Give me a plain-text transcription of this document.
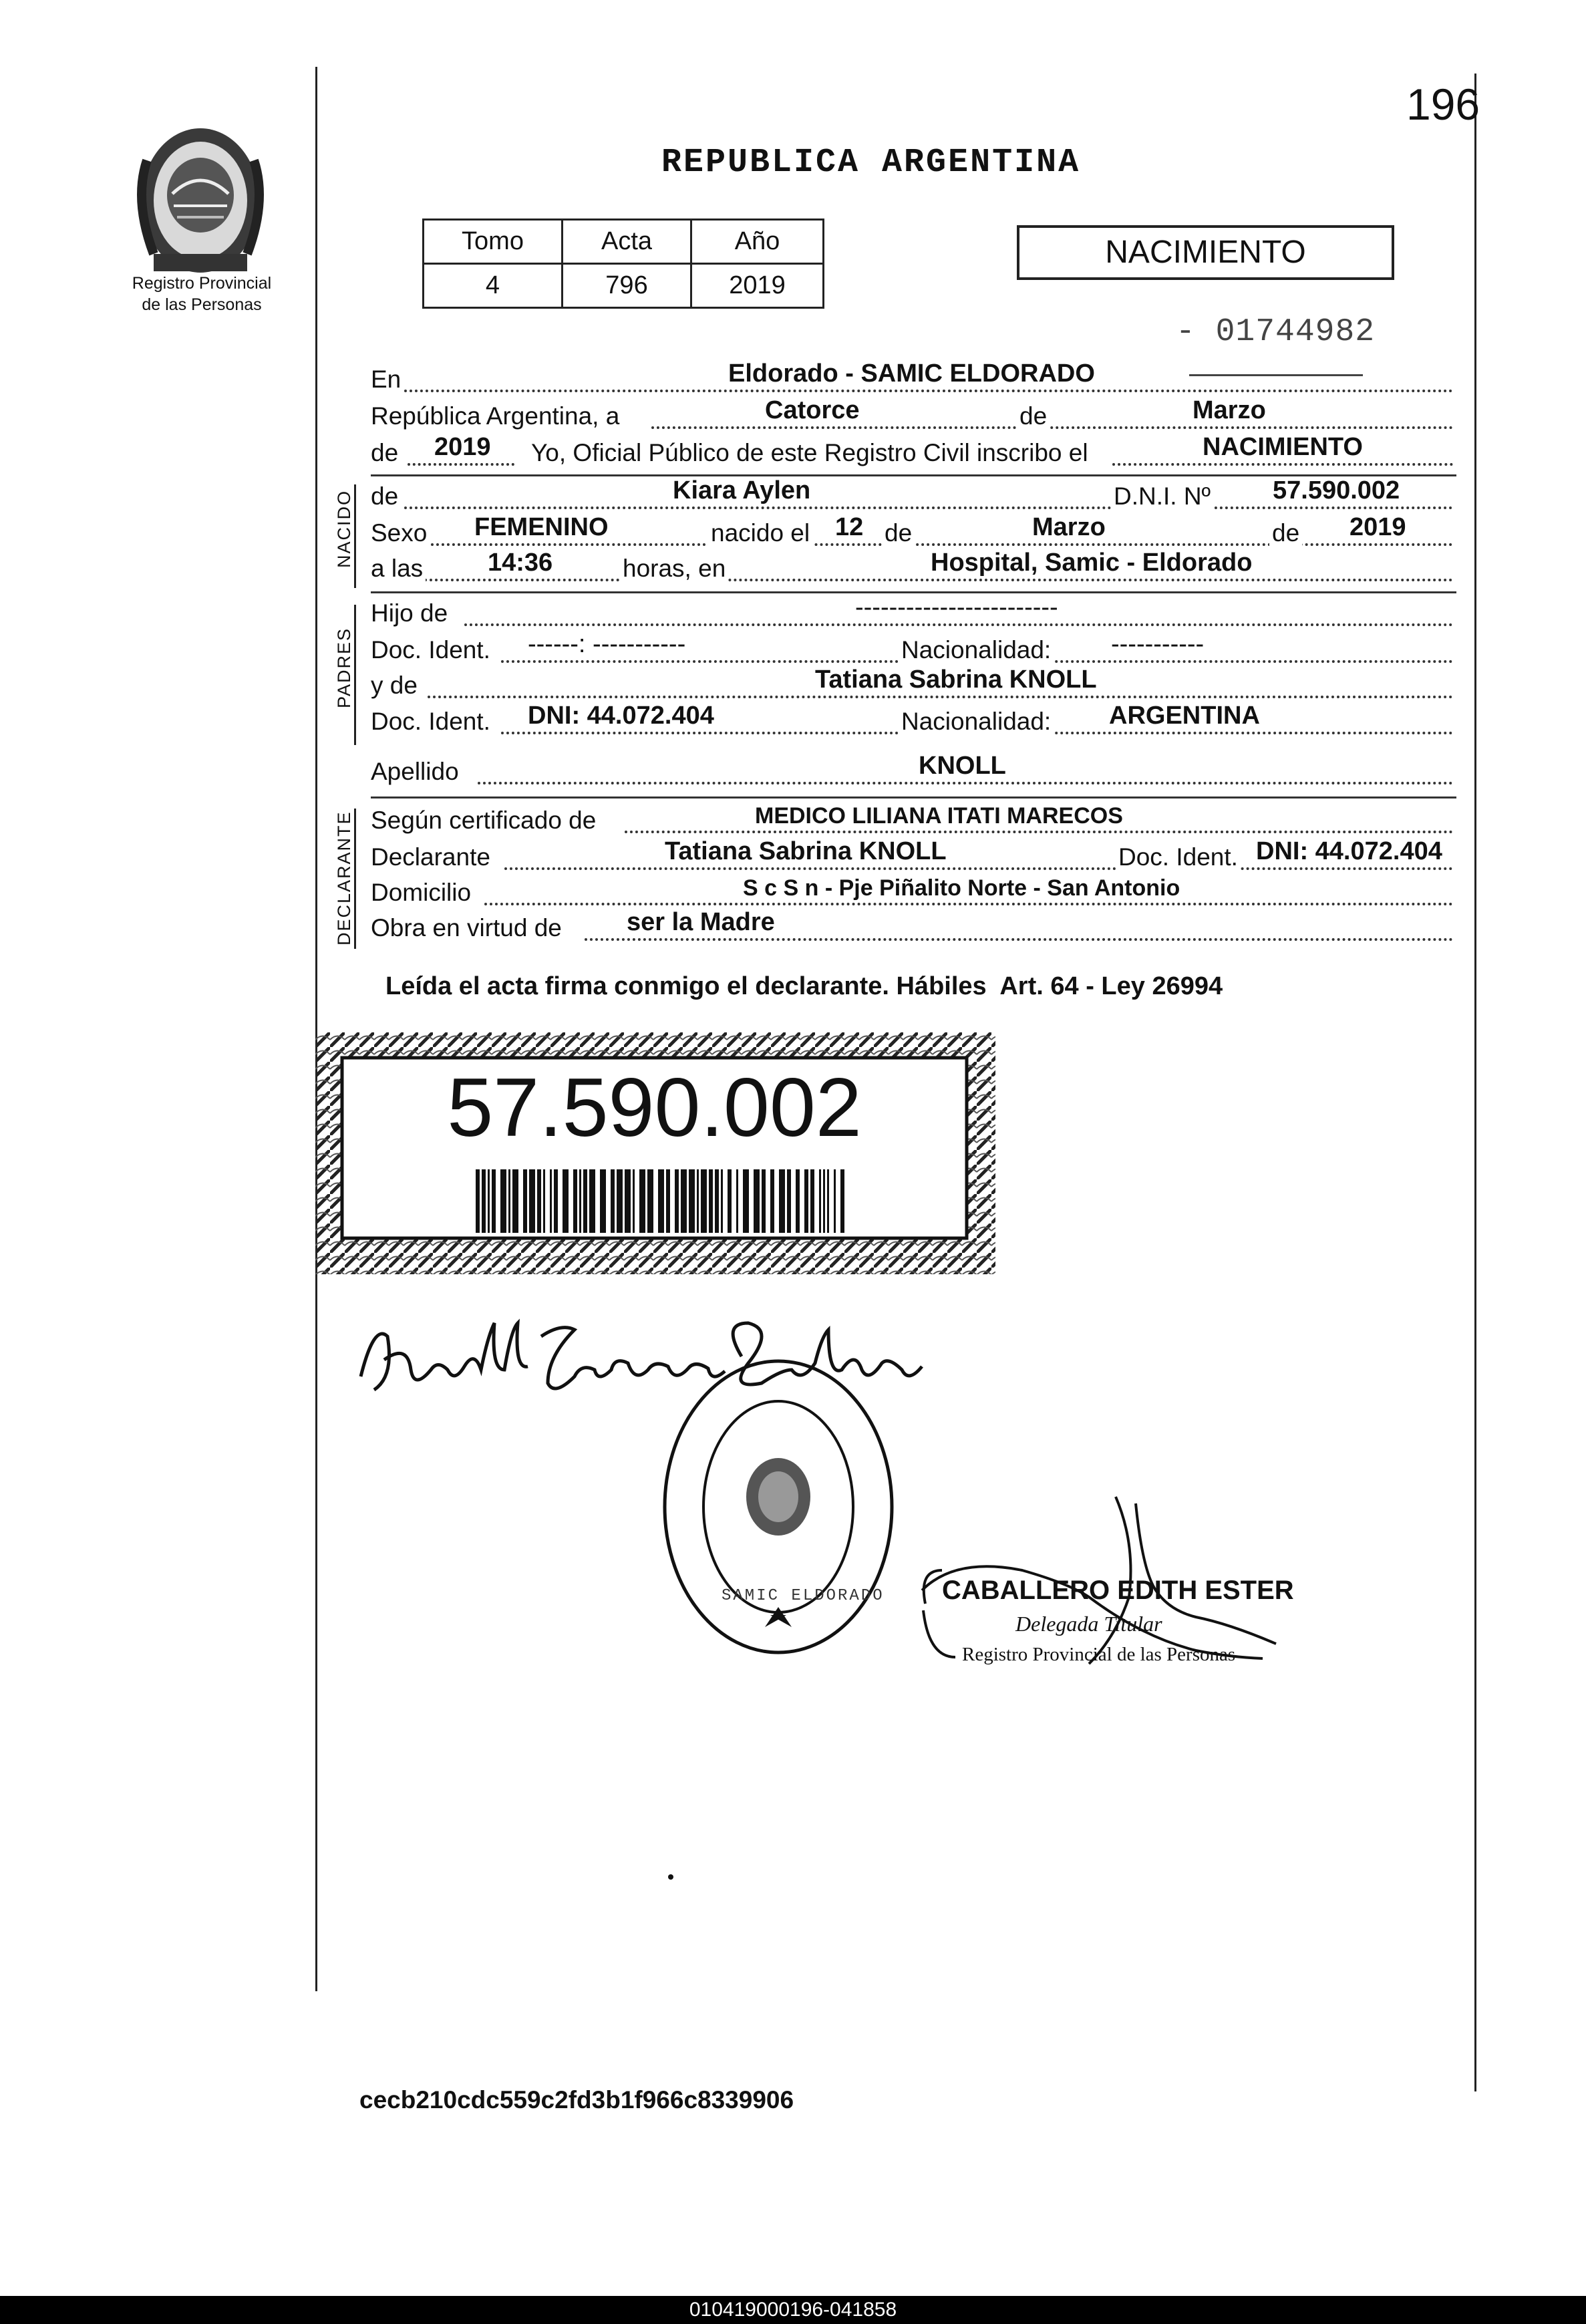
196
Registro Provincial
de las Personas
REPUBLICA ARGENTINA
Tomo	Acta	Año
4	796	2019
NACIMIENTO
- 01744982
En	Eldorado - SAMIC ELDORADO
República Argentina, a	Catorce	de	Marzo
de 2019 Yo, Oficial Público de este Registro Civil inscribo el	NACIMIENTO
NACIDO de	Kiara Aylen	D.N.I. Nº 57.590.002
Sexo FEMENINO	nacido el 12 de	Marzo	de 2019
a las	14:36	horas, en	Hospital, Samic - Eldorado
PADRES
Hijo de	------------------------
Doc. Ident. ------: -----------	Nacionalidad: -----------
y de	Tatiana Sabrina KNOLL
Doc. Ident. DNI: 44.072.404	Nacionalidad: ARGENTINA
Apellido	KNOLL
DECLARANTE Según certificado de	MEDICO LILIANA ITATI MARECOS
Declarante	Tatiana Sabrina KNOLL	Doc. Ident. DNI: 44.072.404
Domicilio	S c S n - Pje Piñalito Norte - San Antonio
Obra en virtud de	ser la Madre
Leída el acta firma conmigo el declarante. Hábiles  Art. 64 - Ley 26994
57.590.002
SAMIC ELDORADO CABALLERO EDITH ESTER
Delegada Titular
Registro Provincial de las Personas
cecb210cdc559c2fd3b1f966c8339906
010419000196-041858
